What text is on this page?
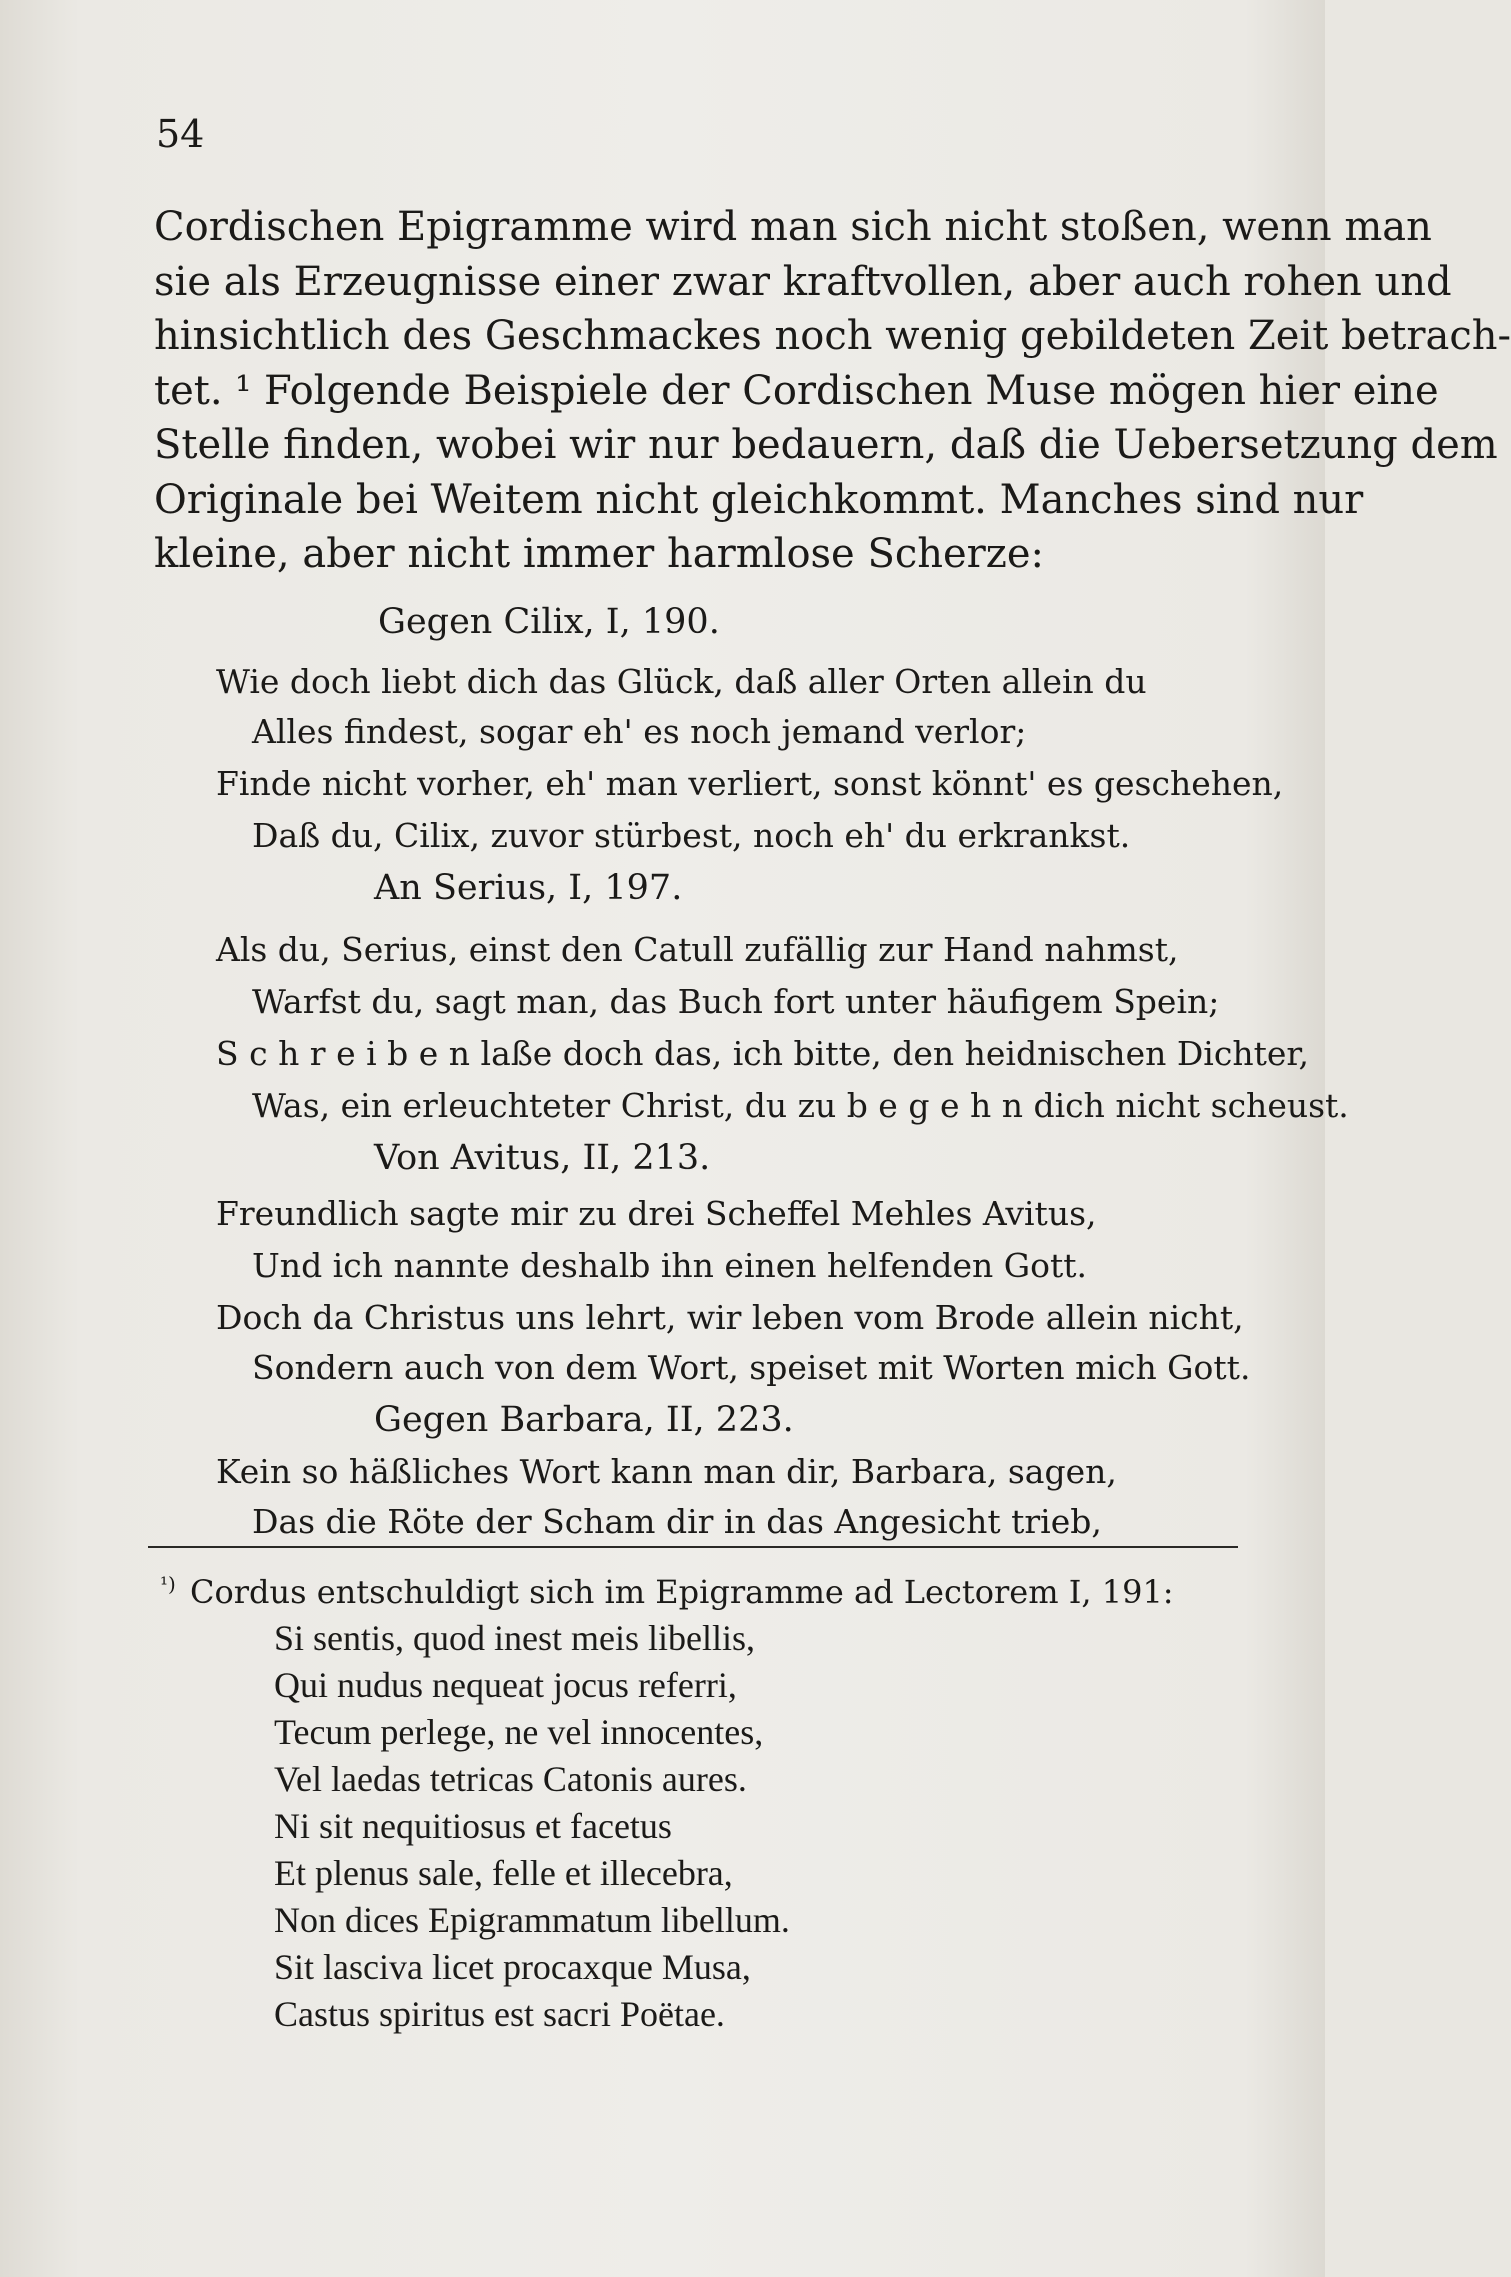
54
Cordischen Epigramme wird man sich nicht stoßen, wenn man
sie als Erzeugnisse einer zwar kraftvollen, aber auch rohen und
hinsichtlich des Geschmackes noch wenig gebildeten Zeit betrach-
tet. ¹ Folgende Beispiele der Cordischen Muse mögen hier eine
Stelle finden, wobei wir nur bedauern, daß die Uebersetzung dem
Originale bei Weitem nicht gleichkommt. Manches sind nur
kleine, aber nicht immer harmlose Scherze:
Gegen Cilix, I, 190.
Wie doch liebt dich das Glück, daß aller Orten allein du
Alles findest, sogar eh' es noch jemand verlor;
Finde nicht vorher, eh' man verliert, sonst könnt' es geschehen,
Daß du, Cilix, zuvor stürbest, noch eh' du erkrankst.
An Serius, I, 197.
Als du, Serius, einst den Catull zufällig zur Hand nahmst,
Warfst du, sagt man, das Buch fort unter häufigem Spein;
S c h r e i b e n laße doch das, ich bitte, den heidnischen Dichter,
Was, ein erleuchteter Christ, du zu b e g e h n dich nicht scheust.
Von Avitus, II, 213.
Freundlich sagte mir zu drei Scheffel Mehles Avitus,
Und ich nannte deshalb ihn einen helfenden Gott.
Doch da Christus uns lehrt, wir leben vom Brode allein nicht,
Sondern auch von dem Wort, speiset mit Worten mich Gott.
Gegen Barbara, II, 223.
Kein so häßliches Wort kann man dir, Barbara, sagen,
Das die Röte der Scham dir in das Angesicht trieb,
$^{^1)}$ Cordus entschuldigt sich im Epigramme ad Lectorem I, 191:
Si sentis, quod inest meis libellis,
Qui nudus nequeat jocus referri,
Tecum perlege, ne vel innocentes,
Vel laedas tetricas Catonis aures.
Ni sit nequitiosus et facetus
Et plenus sale, felle et illecebra,
Non dices Epigrammatum libellum.
Sit lasciva licet procaxque Musa,
Castus spiritus est sacri Poëtae.
